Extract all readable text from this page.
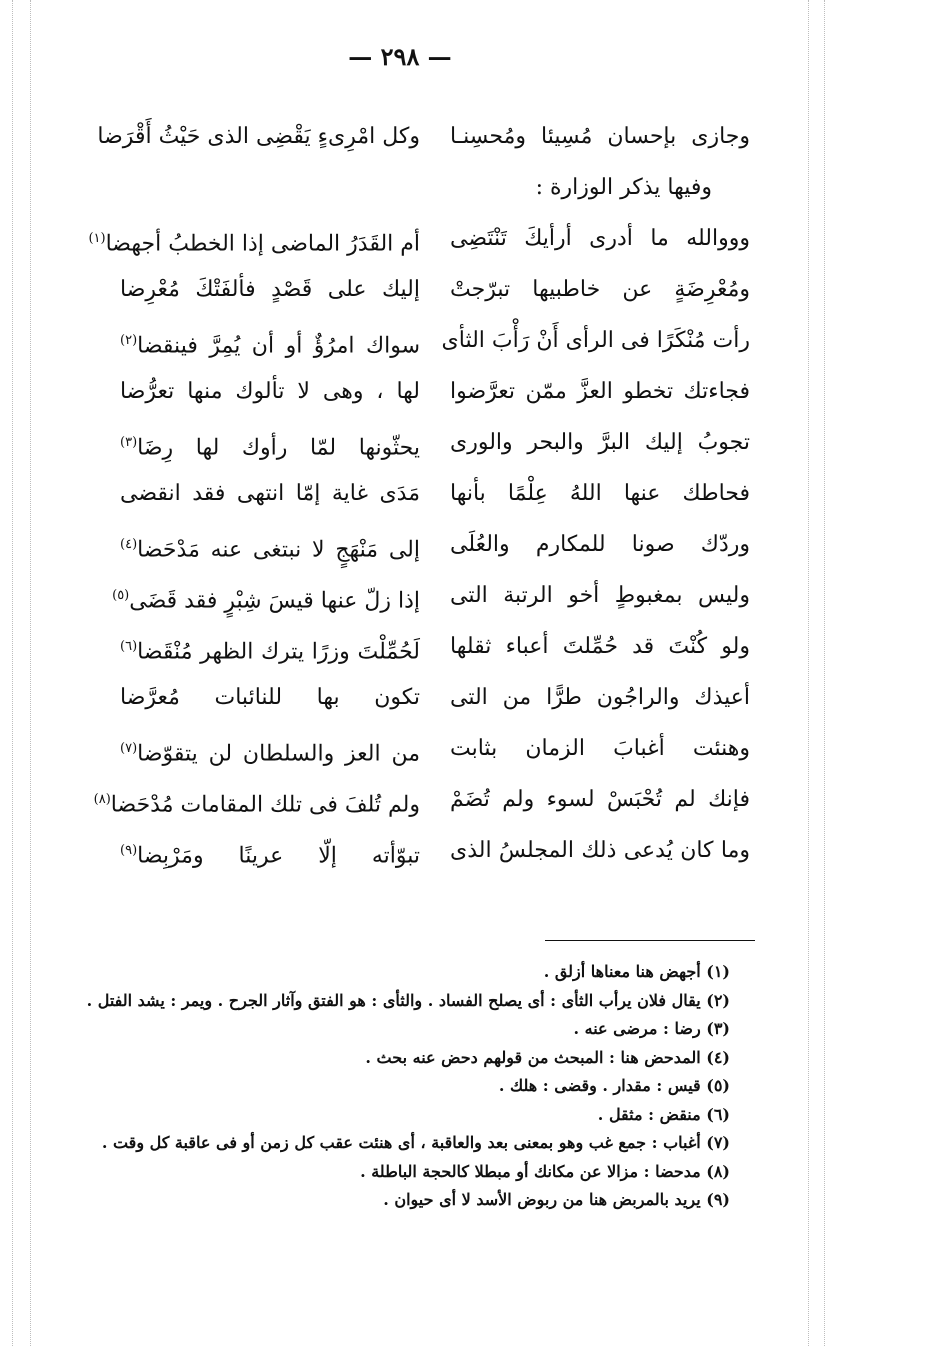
— ٢٩٨ —
وجازى بإحسان مُسِيئا ومُحسِنـا
وكل امْرِىءٍ يَقْضِى الذى حَيْثُ أَقْرَضا
وفيها يذكر الوزارة :
وووالله ما أدرى أرأيكَ تَنْتَضِى
أم القَدَرُ الماضى إذا الخطبُ أجهضا$^{(١)}$
ومُعْرِضَةٍ عن خاطبيها تبرّجتْ
إليك على قَصْدٍ فألفَتْكَ مُعْرِضا
رأت مُنْكَرًا فى الرأى أَنْ رَأْبَ الثأى
سواك امرُؤٌ أو أن يُمِرَّ فينقضا$^{(٢)}$
فجاءتك تخطو العزَّ ممّن تعرَّضوا
لها ، وهى لا تألوك منها تعرُّضا
تجوبُ إليك البرَّ والبحر والورى
يحثّونها لمّا رأوك لها رِضَا$^{(٣)}$
فحاطك عنها اللهُ عِلْمًا بأنها
مَدَى غاية إمّا انتهى فقد انقضى
وردّك صونا للمكارم والعُلَى
إلى مَنْهَجٍ لا نبتغى عنه مَدْحَضا$^{(٤)}$
وليس بمغبوطٍ أخو الرتبة التى
إذا زلّ عنها قيسَ شِبْرٍ فقد قَضَى$^{(٥)}$
ولو كُنْتَ قد حُمِّلتَ أعباء ثقلها
لَحُمِّلْتَ وزرًا يترك الظهر مُنْقَضا$^{(٦)}$
أعيذك والراجُون طرًّا من التى
تكون بها للنائبات مُعرَّضا
وهنئت أغبابَ الزمان بثابت
من العز والسلطان لن يتقوّضا$^{(٧)}$
فإنك لم تُحْبَسْ لسوء ولم تُضَمْ
ولم تُلفَ فى تلك المقامات مُدْحَضا$^{(٨)}$
وما كان يُدعى ذلك المجلسُ الذى
تبوّأته إلّا عرينًا ومَرْبِضا$^{(٩)}$
(١) أجهض هنا معناها أزلق .
(٢) يقال فلان يرأب الثأى : أى يصلح الفساد . والثأى : هو الفتق وآثار الجرح . ويمر : يشد الفتل .
(٣) رضا : مرضى عنه .
(٤) المدحض هنا : المبحث من قولهم دحض عنه بحث .
(٥) قيس : مقدار . وقضى : هلك .
(٦) منقض : مثقل .
(٧) أغباب : جمع غب وهو بمعنى بعد والعاقبة ، أى هنئت عقب كل زمن أو فى عاقبة كل وقت .
(٨) مدحضا : مزالا عن مكانك أو مبطلا كالحجة الباطلة .
(٩) يريد بالمربض هنا من ربوض الأسد لا أى حيوان .
